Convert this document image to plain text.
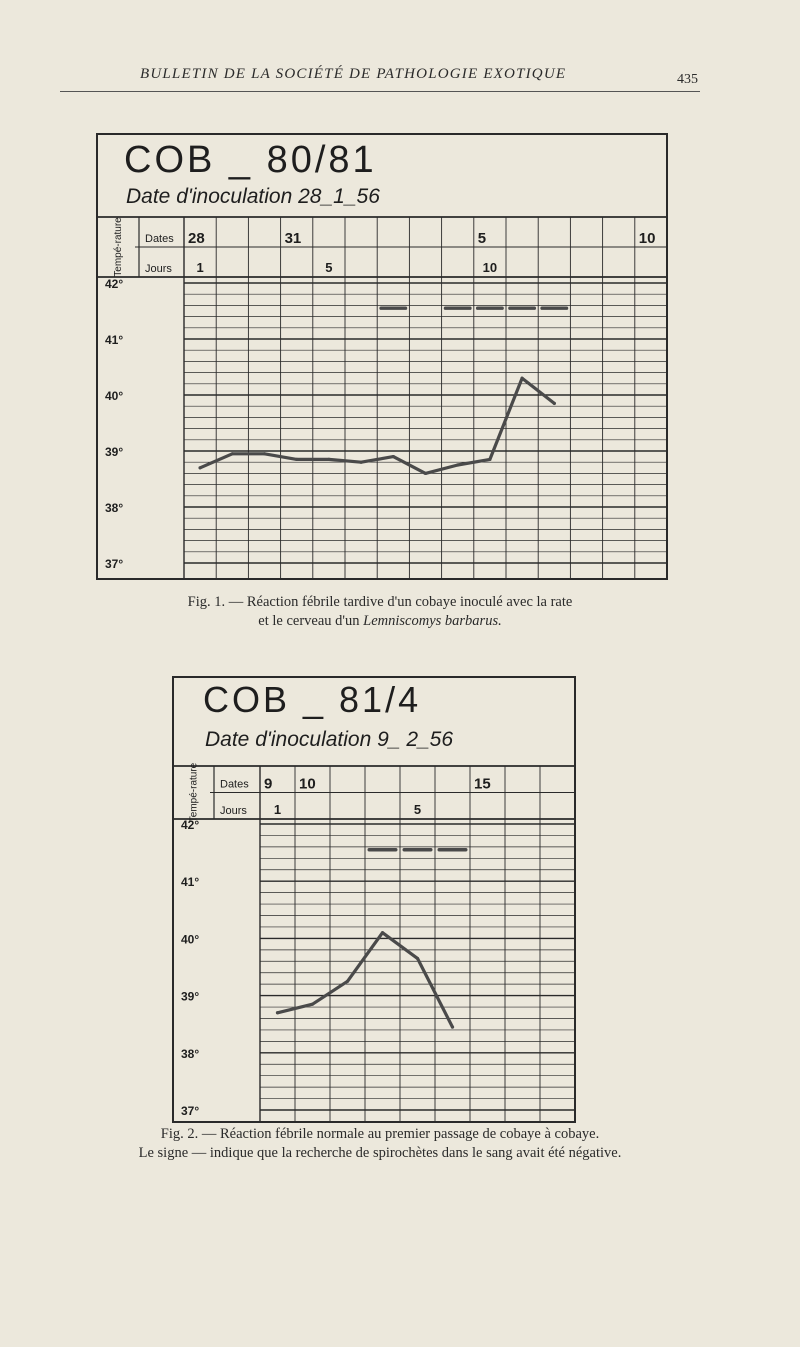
BULLETIN DE LA SOCIÉTÉ DE PATHOLOGIE EXOTIQUE	435
COB _ 80/81
Date d'inoculation 28_1_56
Tempé-rature Dates
Jours
28	31	5	10
1	5	10
42°
41°
40°
39°
38°
37°
Fig. 1. — Réaction fébrile tardive d'un cobaye inoculé avec la rate
et le cerveau d'un Lemniscomys barbarus.
COB _ 81/4
Date d'inoculation 9_ 2_56
Tempé-rature Dates
Jours
9 10	15
1	5
42°
41°
40°
39°
38°
37°
Fig. 2. — Réaction fébrile normale au premier passage de cobaye à cobaye.
Le signe — indique que la recherche de spirochètes dans le sang avait été négative.
